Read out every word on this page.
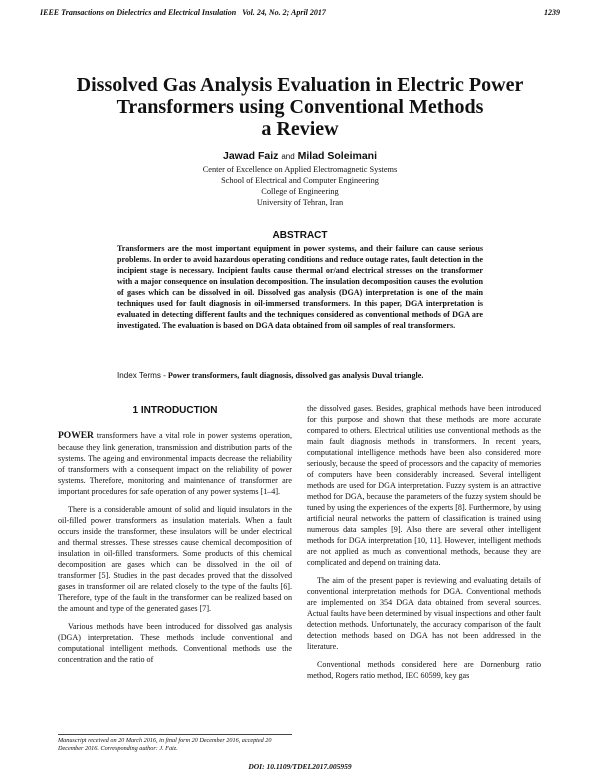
IEEE Transactions on Dielectrics and Electrical Insulation   Vol. 24, No. 2; April 2017	1239
Dissolved Gas Analysis Evaluation in Electric Power
Transformers using Conventional Methods
a Review
Jawad Faiz and Milad Soleimani
Center of Excellence on Applied Electromagnetic Systems
School of Electrical and Computer Engineering
College of Engineering
University of Tehran, Iran
ABSTRACT
Transformers are the most important equipment in power systems, and their failure can cause serious problems. In order to avoid hazardous operating conditions and reduce outage rates, fault detection in the incipient stage is necessary. Incipient faults cause thermal or/and electrical stresses on the transformer with a major consequence on insulation decomposition. The insulation decomposition causes the evolution of gases which can be dissolved in oil. Dissolved gas analysis (DGA) interpretation is one of the main techniques used for fault diagnosis in oil-immersed transformers. In this paper, DGA interpretation is evaluated in detecting different faults and the techniques considered as conventional methods of DGA are investigated. The evaluation is based on DGA data obtained from oil samples of real transformers.
Index Terms - Power transformers, fault diagnosis, dissolved gas analysis Duval triangle.
1 INTRODUCTION

POWER transformers have a vital role in power systems operation, because they link generation, transmission and distribution parts of the systems. The ageing and environmental impacts decrease the reliability of transformers with a consequent impact on the reliability of power systems. Therefore, monitoring and maintenance of transformer are important procedures for safe operation of any power systems [1–4].

There is a considerable amount of solid and liquid insulators in the oil-filled power transformers as insulation materials. When a fault occurs inside the transformer, these insulators will be under electrical and thermal stresses. These stresses cause chemical decomposition of insulation in oil-filled transformers. Some products of this chemical decomposition are gases which can be dissolved in the oil of transformer [5]. Studies in the past decades proved that the dissolved gases in transformer oil are related closely to the type of the faults [6]. Therefore, type of the fault in the transformer can be realized based on the amount and type of the generated gases [7].

Various methods have been introduced for dissolved gas analysis (DGA) interpretation. These methods include conventional and computational intelligent methods. Conventional methods use the concentration and the ratio of

the dissolved gases. Besides, graphical methods have been introduced for this purpose and shown that these methods are more accurate compared to others. Electrical utilities use conventional methods as the main fault diagnosis methods in transformers. In recent years, computational intelligence methods have been also considered more seriously, because the speed of processors and the capacity of memories of computers have been considerably increased. Several intelligent methods are used for DGA interpretation. Fuzzy system is an attractive method for DGA, because the parameters of the fuzzy system should be tuned by using the experiences of the experts [8]. Furthermore, by using artificial neural networks the pattern of classification is trained using numerous data samples [9]. Also there are several other intelligent methods for DGA interpretation [10, 11]. However, intelligent methods are not applied as much as conventional methods, because they are complicated and depend on training data.

The aim of the present paper is reviewing and evaluating details of conventional interpretation methods for DGA. Conventional methods are implemented on 354 DGA data obtained from several sources. Actual faults have been determined by visual inspections and other fault detection methods. Unfortunately, the accuracy comparison of the fault detection methods based on DGA has not been addressed in the literature.

Conventional methods considered here are Dornenburg ratio method, Rogers ratio method, IEC 60599, key gas

Manuscript received on 20 March 2016, in final form 20 December 2016, accepted 20 December 2016. Corresponding author: J. Faiz.
DOI: 10.1109/TDEI.2017.005959
